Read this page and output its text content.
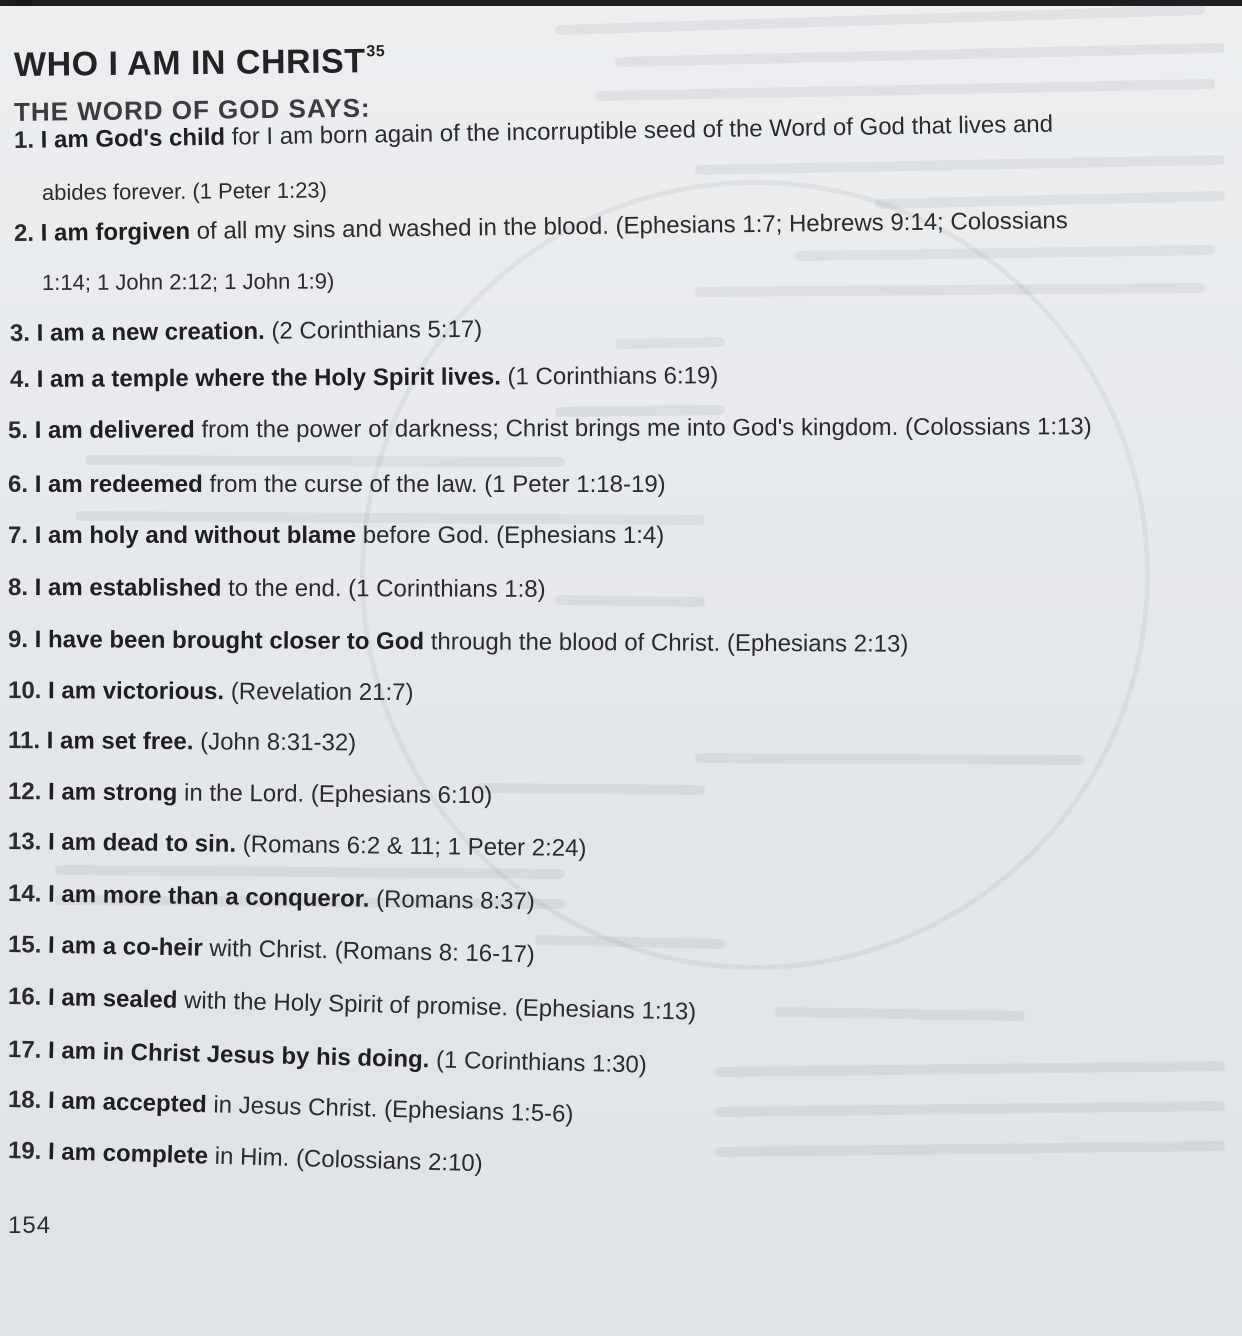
WHO I AM IN CHRIST$^{35}$
THE WORD OF GOD SAYS:
1. I am God's child for I am born again of the incorruptible seed of the Word of God that lives and
abides forever. (1 Peter 1:23)
2. I am forgiven of all my sins and washed in the blood. (Ephesians 1:7; Hebrews 9:14; Colossians
1:14; 1 John 2:12; 1 John 1:9)
3. I am a new creation. (2 Corinthians 5:17)
4. I am a temple where the Holy Spirit lives. (1 Corinthians 6:19)
5. I am delivered from the power of darkness; Christ brings me into God's kingdom. (Colossians 1:13)
6. I am redeemed from the curse of the law. (1 Peter 1:18-19)
7. I am holy and without blame before God. (Ephesians 1:4)
8. I am established to the end. (1 Corinthians 1:8)
9. I have been brought closer to God through the blood of Christ. (Ephesians 2:13)
10. I am victorious. (Revelation 21:7)
11. I am set free. (John 8:31-32)
12. I am strong in the Lord. (Ephesians 6:10)
13. I am dead to sin. (Romans 6:2 & 11; 1 Peter 2:24)
14. I am more than a conqueror. (Romans 8:37)
15. I am a co-heir with Christ. (Romans 8: 16-17)
16. I am sealed with the Holy Spirit of promise. (Ephesians 1:13)
17. I am in Christ Jesus by his doing. (1 Corinthians 1:30)
18. I am accepted in Jesus Christ. (Ephesians 1:5-6)
19. I am complete in Him. (Colossians 2:10)
154
